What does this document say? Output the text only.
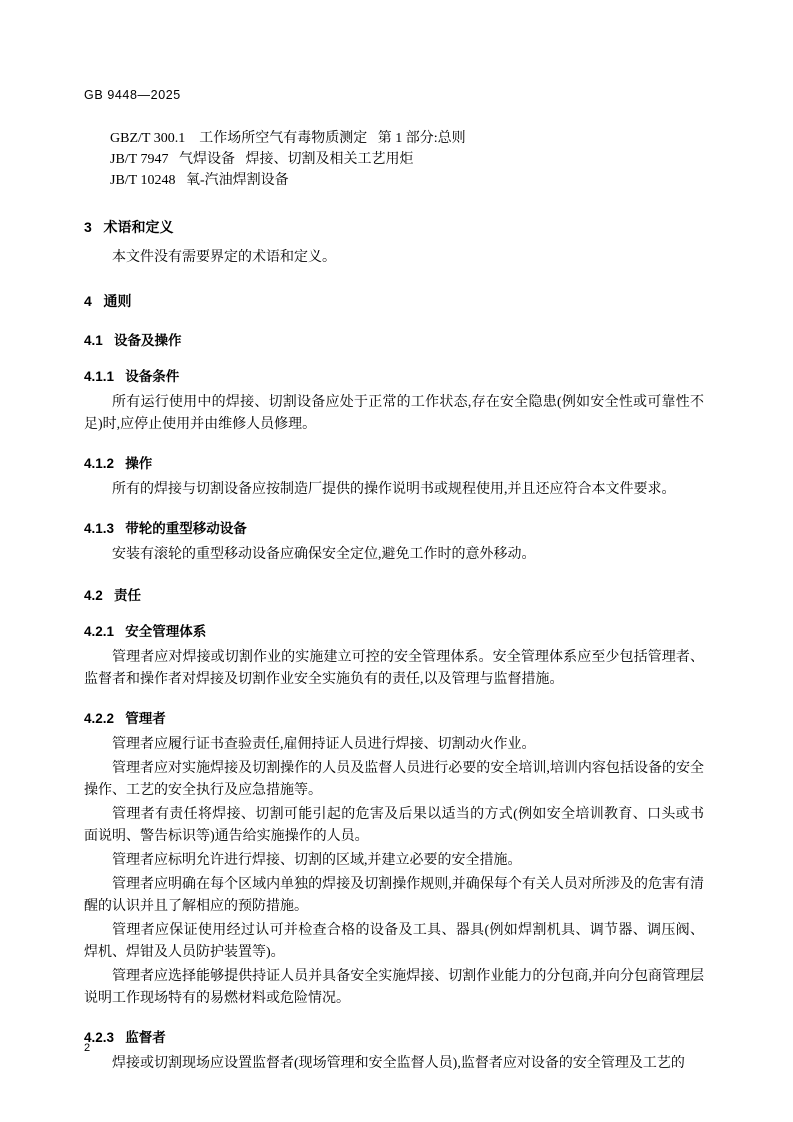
GB 9448—2025
GBZ/T 300.1    工作场所空气有毒物质测定   第 1 部分:总则
JB/T 7947   气焊设备   焊接、切割及相关工艺用炬
JB/T 10248   氧-汽油焊割设备
3   术语和定义

本文件没有需要界定的术语和定义。

4   通则
4.1   设备及操作
4.1.1   设备条件

所有运行使用中的焊接、切割设备应处于正常的工作状态,存在安全隐患(例如安全性或可靠性不足)时,应停止使用并由维修人员修理。

4.1.2   操作

所有的焊接与切割设备应按制造厂提供的操作说明书或规程使用,并且还应符合本文件要求。

4.1.3   带轮的重型移动设备

安装有滚轮的重型移动设备应确保安全定位,避免工作时的意外移动。

4.2   责任
4.2.1   安全管理体系

管理者应对焊接或切割作业的实施建立可控的安全管理体系。安全管理体系应至少包括管理者、监督者和操作者对焊接及切割作业安全实施负有的责任,以及管理与监督措施。

4.2.2   管理者

管理者应履行证书查验责任,雇佣持证人员进行焊接、切割动火作业。

管理者应对实施焊接及切割操作的人员及监督人员进行必要的安全培训,培训内容包括设备的安全操作、工艺的安全执行及应急措施等。

管理者有责任将焊接、切割可能引起的危害及后果以适当的方式(例如安全培训教育、口头或书面说明、警告标识等)通告给实施操作的人员。

管理者应标明允许进行焊接、切割的区域,并建立必要的安全措施。

管理者应明确在每个区域内单独的焊接及切割操作规则,并确保每个有关人员对所涉及的危害有清醒的认识并且了解相应的预防措施。

管理者应保证使用经过认可并检查合格的设备及工具、器具(例如焊割机具、调节器、调压阀、焊机、焊钳及人员防护装置等)。

管理者应选择能够提供持证人员并具备安全实施焊接、切割作业能力的分包商,并向分包商管理层说明工作现场特有的易燃材料或危险情况。

4.2.3   监督者

焊接或切割现场应设置监督者(现场管理和安全监督人员),监督者应对设备的安全管理及工艺的

2
